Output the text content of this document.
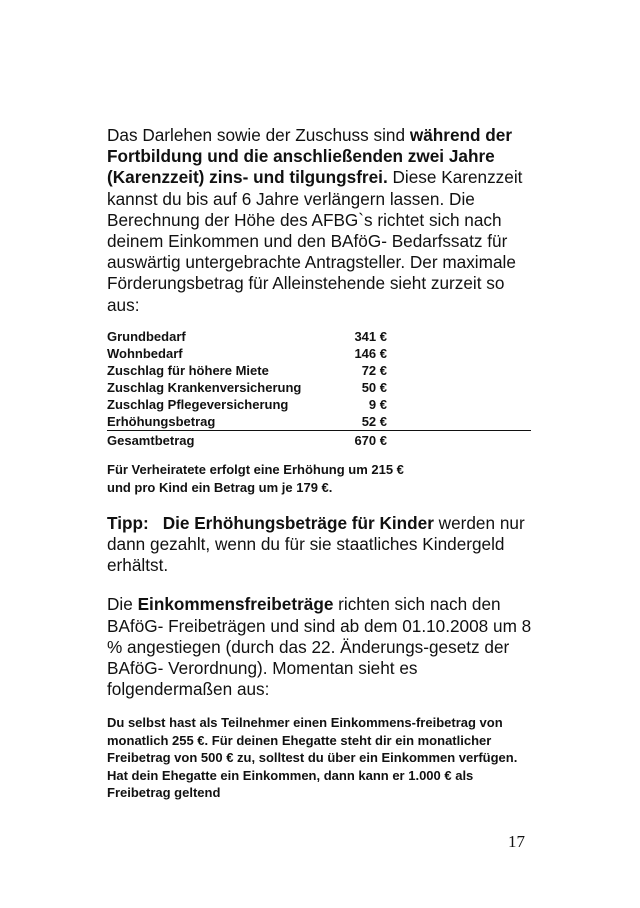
Das Darlehen sowie der Zuschuss sind während der Fortbildung und die anschließenden zwei Jahre (Karenzzeit) zins- und tilgungsfrei. Diese Karenzzeit kannst du bis auf 6 Jahre verlängern lassen. Die Berechnung der Höhe des AFBG`s richtet sich nach deinem Einkommen und den BAföG- Bedarfssatz für auswärtig untergebrachte Antragsteller. Der maximale Förderungsbetrag für Alleinstehende sieht zurzeit so aus:

Grundbedarf	341 €
Wohnbedarf	146 €
Zuschlag für höhere Miete	72 €
Zuschlag Krankenversicherung	50 €
Zuschlag Pflegeversicherung	9 €
Erhöhungsbetrag	52 €
Gesamtbetrag	670 €

Für Verheiratete erfolgt eine Erhöhung um 215 €
und pro Kind ein Betrag um je 179 €.

Tipp: Die Erhöhungsbeträge für Kinder werden nur dann gezahlt, wenn du für sie staatliches Kindergeld erhältst.

Die Einkommensfreibeträge richten sich nach den BAföG- Freibeträgen und sind ab dem 01.10.2008 um 8 % angestiegen (durch das 22. Änderungs-gesetz der BAföG- Verordnung). Momentan sieht es folgendermaßen aus:

Du selbst hast als Teilnehmer einen Einkommens-freibetrag von monatlich 255 €. Für deinen Ehegatte steht dir ein monatlicher Freibetrag von 500 € zu, solltest du über ein Einkommen verfügen. Hat dein Ehegatte ein Einkommen, dann kann er 1.000 € als Freibetrag geltend

17
